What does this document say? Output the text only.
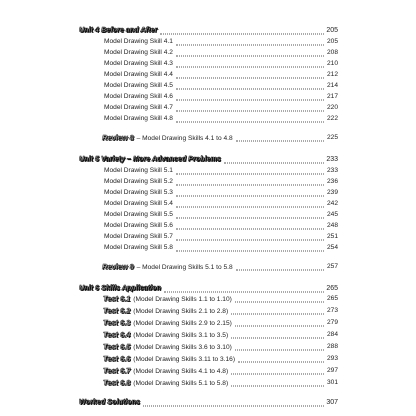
Unit 4 Before and After	205
Model Drawing Skill 4.1	205
Model Drawing Skill 4.2	208
Model Drawing Skill 4.3	210
Model Drawing Skill 4.4	212
Model Drawing Skill 4.5	214
Model Drawing Skill 4.6	217
Model Drawing Skill 4.7	220
Model Drawing Skill 4.8	222
Review 8 – Model Drawing Skills 4.1 to 4.8	225
Unit 5 Variety – More Advanced Problems	233
Model Drawing Skill 5.1	233
Model Drawing Skill 5.2	236
Model Drawing Skill 5.3	239
Model Drawing Skill 5.4	242
Model Drawing Skill 5.5	245
Model Drawing Skill 5.6	248
Model Drawing Skill 5.7	251
Model Drawing Skill 5.8	254
Review 9 – Model Drawing Skills 5.1 to 5.8	257
Unit 6 Skills Application	265
Test 6.1 (Model Drawing Skills 1.1 to 1.10)	265
Test 6.2 (Model Drawing Skills 2.1 to 2.8)	273
Test 6.3 (Model Drawing Skills 2.9 to 2.15)	279
Test 6.4 (Model Drawing Skills 3.1 to 3.5)	284
Test 6.5 (Model Drawing Skills 3.6 to 3.10)	288
Test 6.6 (Model Drawing Skills 3.11 to 3.16)	293
Test 6.7 (Model Drawing Skills 4.1 to 4.8)	297
Test 6.8 (Model Drawing Skills 5.1 to 5.8)	301
Worked Solutions	307
